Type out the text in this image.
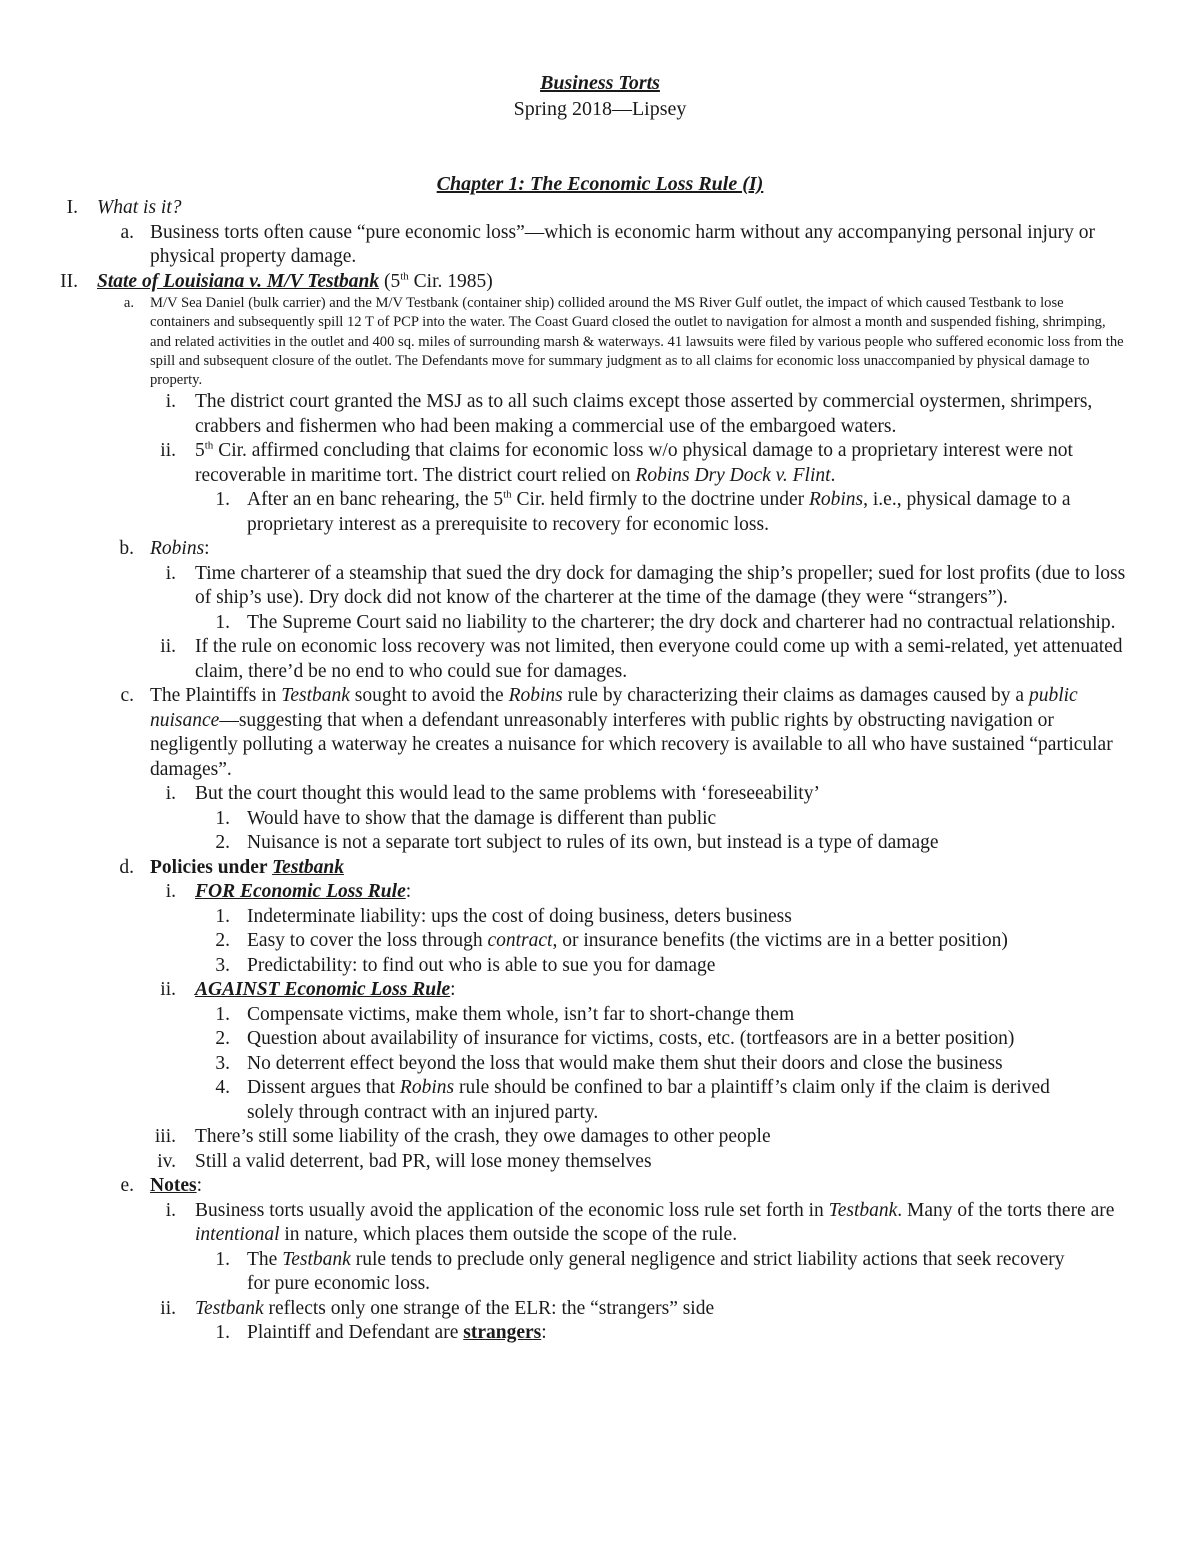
Business Torts
Spring 2018—Lipsey
Chapter 1: The Economic Loss Rule (I)
I. What is it?
a. Business torts often cause “pure economic loss”—which is economic harm without any accompanying personal injury or physical property damage.
II. State of Louisiana v. M/V Testbank (5th Cir. 1985)
a. M/V Sea Daniel (bulk carrier) and the M/V Testbank (container ship) collided around the MS River Gulf outlet, the impact of which caused Testbank to lose containers and subsequently spill 12 T of PCP into the water. The Coast Guard closed the outlet to navigation for almost a month and suspended fishing, shrimping, and related activities in the outlet and 400 sq. miles of surrounding marsh & waterways. 41 lawsuits were filed by various people who suffered economic loss from the spill and subsequent closure of the outlet. The Defendants move for summary judgment as to all claims for economic loss unaccompanied by physical damage to property.
i. The district court granted the MSJ as to all such claims except those asserted by commercial oystermen, shrimpers, crabbers and fishermen who had been making a commercial use of the embargoed waters.
ii. 5th Cir. affirmed concluding that claims for economic loss w/o physical damage to a proprietary interest were not recoverable in maritime tort. The district court relied on Robins Dry Dock v. Flint.
1. After an en banc rehearing, the 5th Cir. held firmly to the doctrine under Robins, i.e., physical damage to a proprietary interest as a prerequisite to recovery for economic loss.
b. Robins:
i. Time charterer of a steamship that sued the dry dock for damaging the ship’s propeller; sued for lost profits (due to loss of ship’s use). Dry dock did not know of the charterer at the time of the damage (they were “strangers”).
1. The Supreme Court said no liability to the charterer; the dry dock and charterer had no contractual relationship.
ii. If the rule on economic loss recovery was not limited, then everyone could come up with a semi-related, yet attenuated claim, there’d be no end to who could sue for damages.
c. The Plaintiffs in Testbank sought to avoid the Robins rule by characterizing their claims as damages caused by a public nuisance—suggesting that when a defendant unreasonably interferes with public rights by obstructing navigation or negligently polluting a waterway he creates a nuisance for which recovery is available to all who have sustained “particular damages”.
i. But the court thought this would lead to the same problems with ‘foreseeability’
1. Would have to show that the damage is different than public
2. Nuisance is not a separate tort subject to rules of its own, but instead is a type of damage
d. Policies under Testbank
i. FOR Economic Loss Rule:
1. Indeterminate liability: ups the cost of doing business, deters business
2. Easy to cover the loss through contract, or insurance benefits (the victims are in a better position)
3. Predictability: to find out who is able to sue you for damage
ii. AGAINST Economic Loss Rule:
1. Compensate victims, make them whole, isn’t far to short-change them
2. Question about availability of insurance for victims, costs, etc. (tortfeasors are in a better position)
3. No deterrent effect beyond the loss that would make them shut their doors and close the business
4. Dissent argues that Robins rule should be confined to bar a plaintiff’s claim only if the claim is derived solely through contract with an injured party.
iii. There’s still some liability of the crash, they owe damages to other people
iv. Still a valid deterrent, bad PR, will lose money themselves
e. Notes:
i. Business torts usually avoid the application of the economic loss rule set forth in Testbank. Many of the torts there are intentional in nature, which places them outside the scope of the rule.
1. The Testbank rule tends to preclude only general negligence and strict liability actions that seek recovery for pure economic loss.
ii. Testbank reflects only one strange of the ELR: the “strangers” side
1. Plaintiff and Defendant are strangers:
